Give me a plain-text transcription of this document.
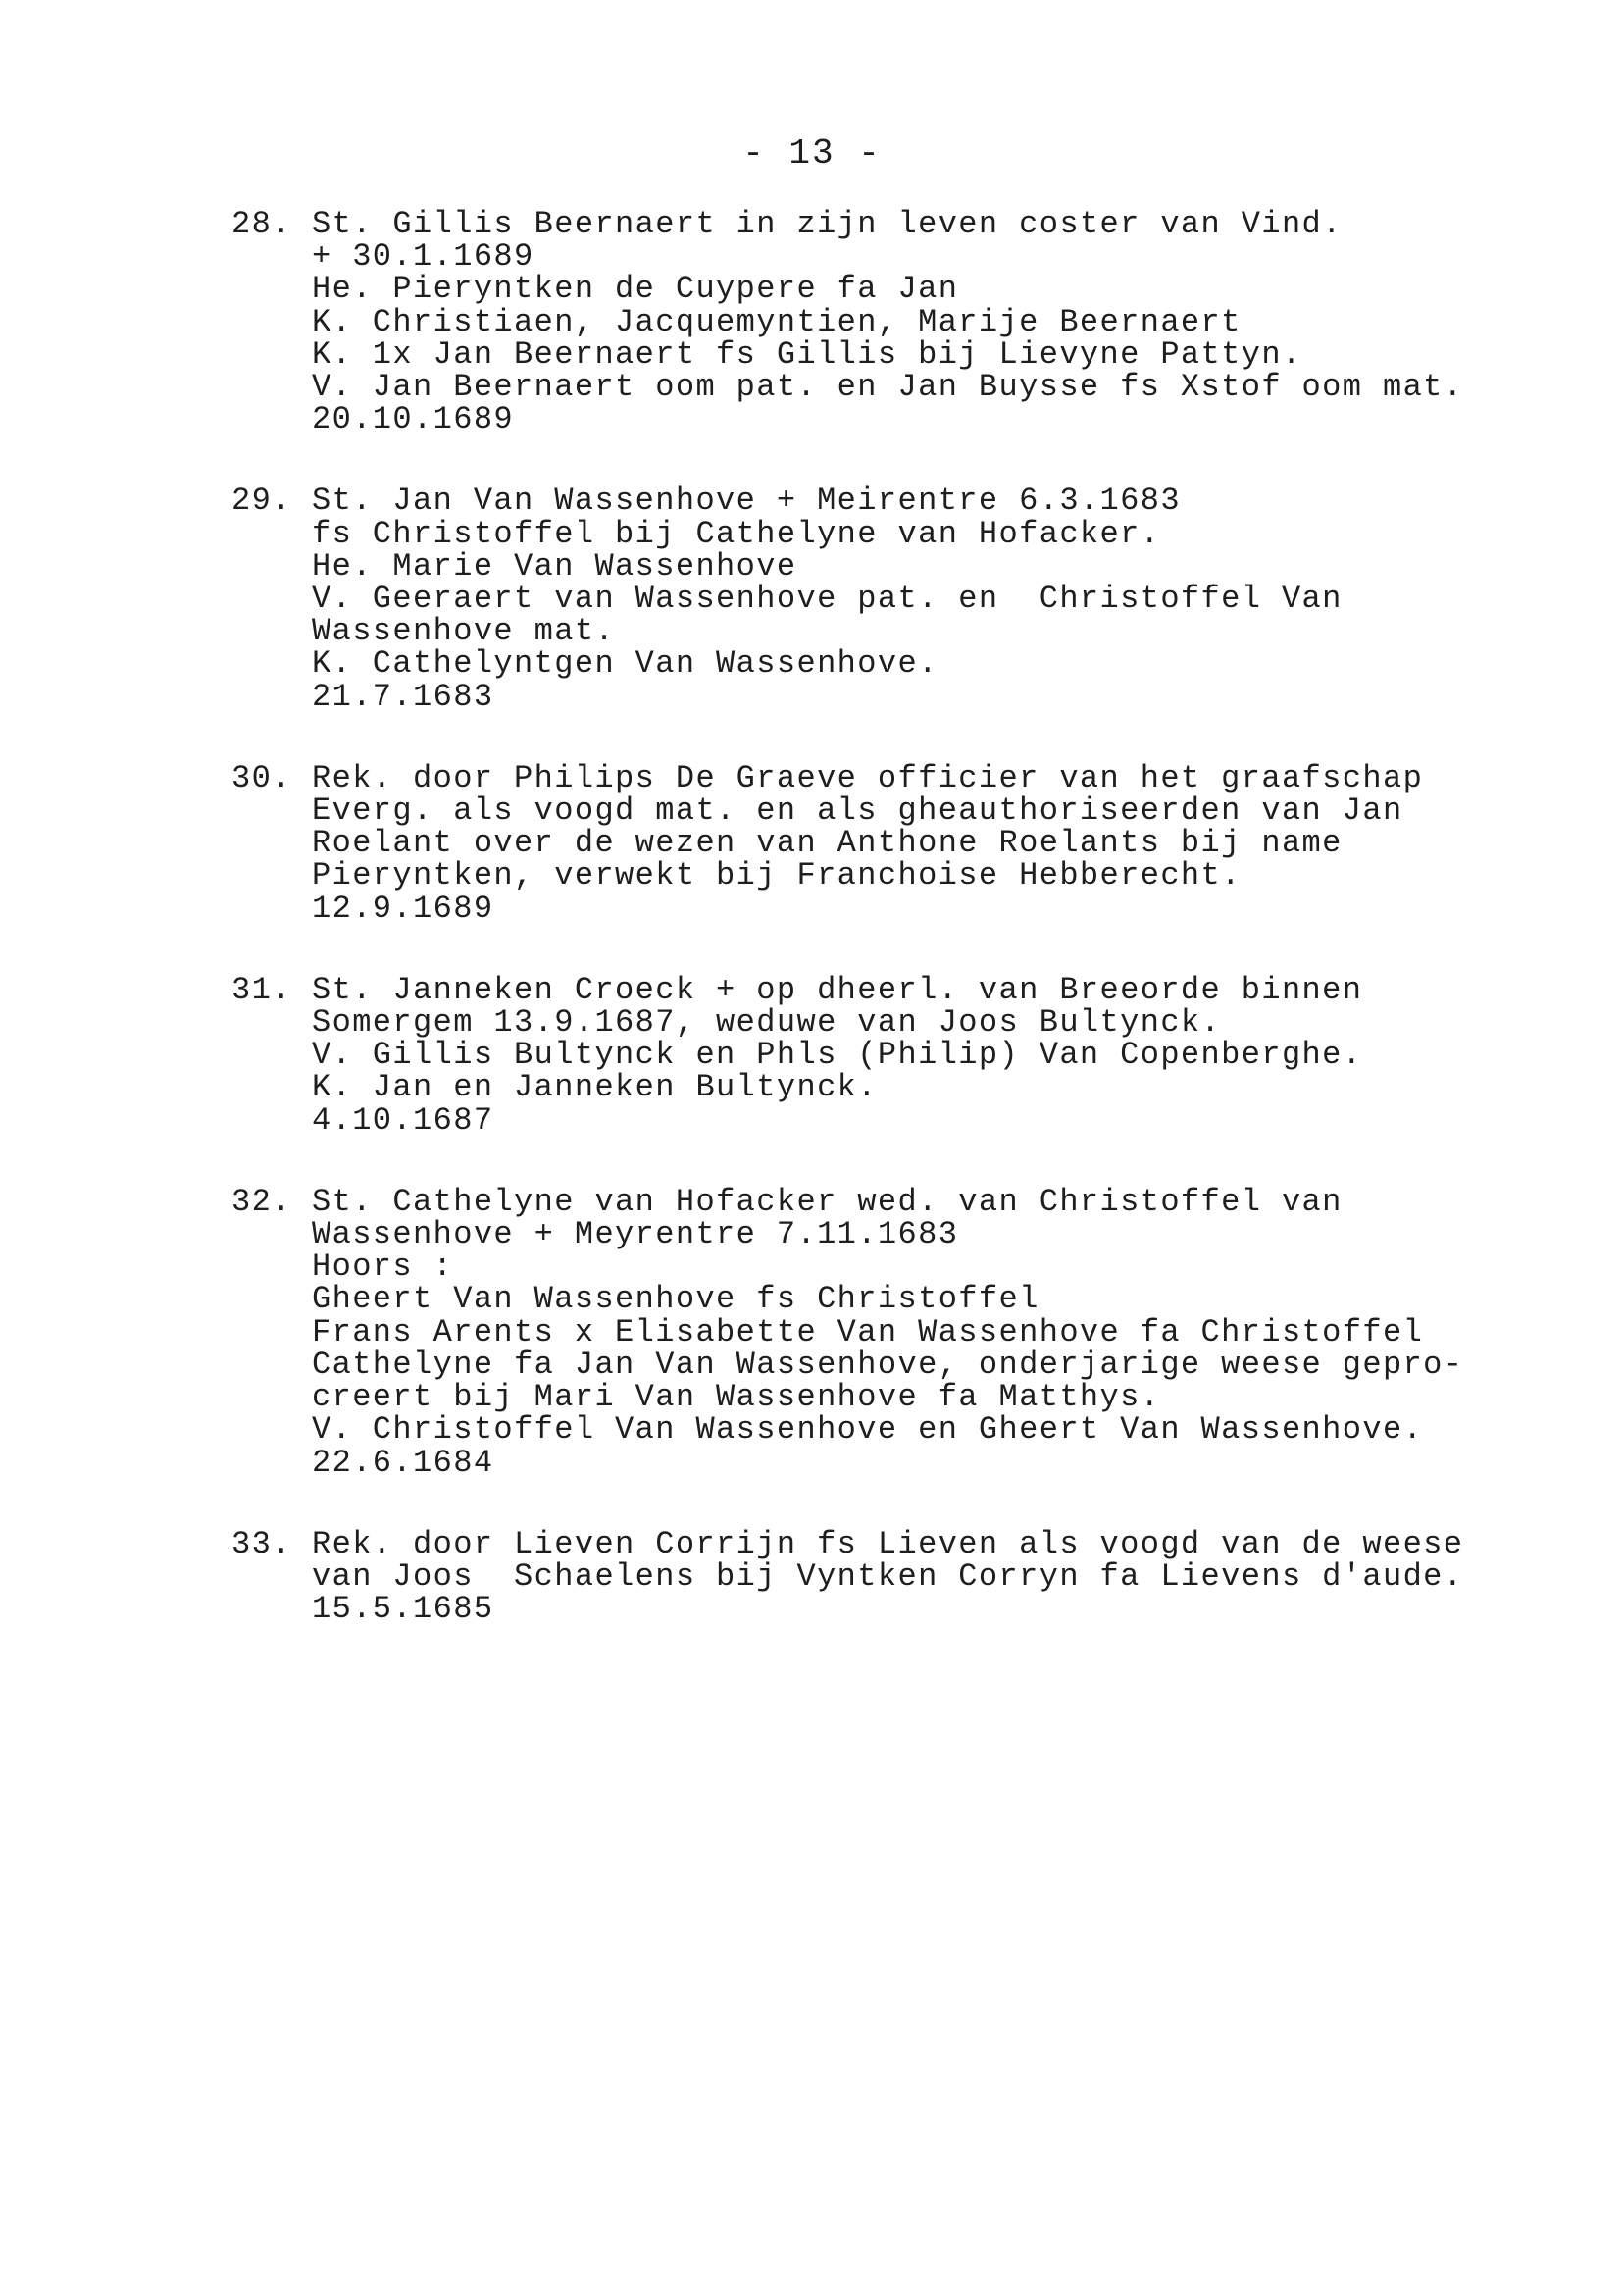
- 13 -
28. St. Gillis Beernaert in zijn leven coster van Vind.
+ 30.1.1689
He. Pieryntken de Cuypere fa Jan
K. Christiaen, Jacquemyntien, Marije Beernaert
K. 1x Jan Beernaert fs Gillis bij Lievyne Pattyn.
V. Jan Beernaert oom pat. en Jan Buysse fs Xstof oom mat.
20.10.1689
29. St. Jan Van Wassenhove + Meirentre 6.3.1683
fs Christoffel bij Cathelyne van Hofacker.
He. Marie Van Wassenhove
V. Geeraert van Wassenhove pat. en  Christoffel Van
Wassenhove mat.
K. Cathelyntgen Van Wassenhove.
21.7.1683
30. Rek. door Philips De Graeve officier van het graafschap
Everg. als voogd mat. en als gheauthoriseerden van Jan
Roelant over de wezen van Anthone Roelants bij name
Pieryntken, verwekt bij Franchoise Hebberecht.
12.9.1689
31. St. Janneken Croeck + op dheerl. van Breeorde binnen
Somergem 13.9.1687, weduwe van Joos Bultynck.
V. Gillis Bultynck en Phls (Philip) Van Copenberghe.
K. Jan en Janneken Bultynck.
4.10.1687
32. St. Cathelyne van Hofacker wed. van Christoffel van
Wassenhove + Meyrentre 7.11.1683
Hoors :
Gheert Van Wassenhove fs Christoffel
Frans Arents x Elisabette Van Wassenhove fa Christoffel
Cathelyne fa Jan Van Wassenhove, onderjarige weese gepro-
creert bij Mari Van Wassenhove fa Matthys.
V. Christoffel Van Wassenhove en Gheert Van Wassenhove.
22.6.1684
33. Rek. door Lieven Corrijn fs Lieven als voogd van de weese
van Joos  Schaelens bij Vyntken Corryn fa Lievens d'aude.
15.5.1685
